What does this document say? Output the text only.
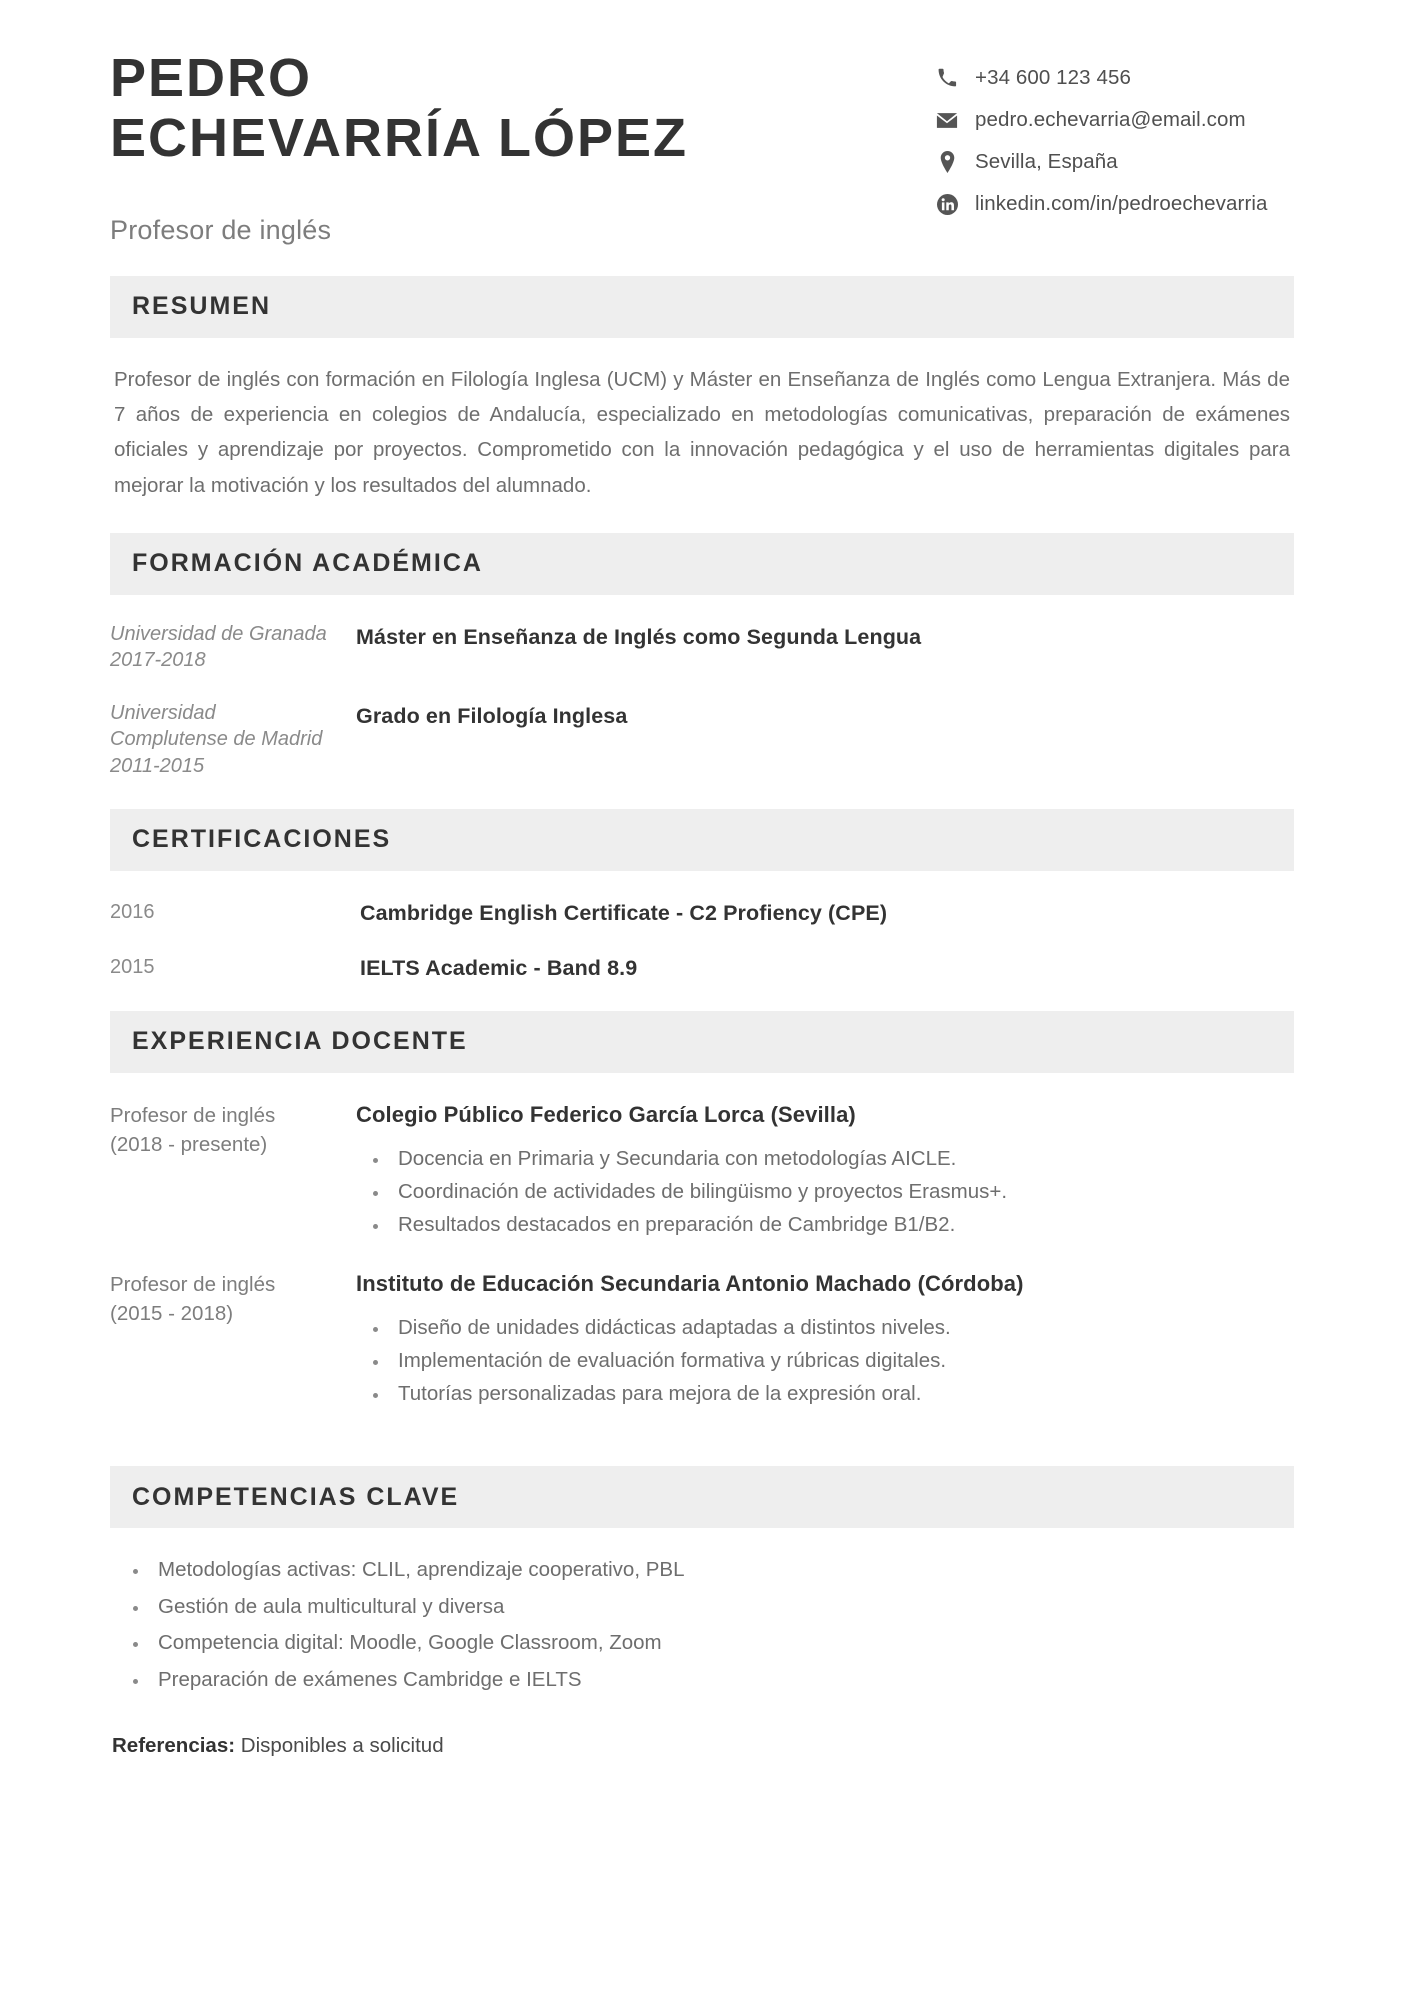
PEDRO
ECHEVARRÍA LÓPEZ
Profesor de inglés
+34 600 123 456
pedro.echevarria@email.com
Sevilla, España
linkedin.com/in/pedroechevarria
RESUMEN

Profesor de inglés con formación en Filología Inglesa (UCM) y Máster en Enseñanza de Inglés como Lengua Extranjera. Más de 7 años de experiencia en colegios de Andalucía, especializado en metodologías comunicativas, preparación de exámenes oficiales y aprendizaje por proyectos. Comprometido con la innovación pedagógica y el uso de herramientas digitales para mejorar la motivación y los resultados del alumnado.

FORMACIÓN ACADÉMICA
Universidad de Granada
2017-2018
Máster en Enseñanza de Inglés como Segunda Lengua
Universidad Complutense de Madrid
2011-2015
Grado en Filología Inglesa
CERTIFICACIONES
2016	Cambridge English Certificate - C2 Profiency (CPE)
2015	IELTS Academic - Band 8.9
EXPERIENCIA DOCENTE
Profesor de inglés
(2018 - presente)
Colegio Público Federico García Lorca (Sevilla)
• Docencia en Primaria y Secundaria con metodologías AICLE.
• Coordinación de actividades de bilingüismo y proyectos Erasmus+.
• Resultados destacados en preparación de Cambridge B1/B2.
Profesor de inglés
(2015 - 2018)
Instituto de Educación Secundaria Antonio Machado (Córdoba)
• Diseño de unidades didácticas adaptadas a distintos niveles.
• Implementación de evaluación formativa y rúbricas digitales.
• Tutorías personalizadas para mejora de la expresión oral.
COMPETENCIAS CLAVE
• Metodologías activas: CLIL, aprendizaje cooperativo, PBL
• Gestión de aula multicultural y diversa
• Competencia digital: Moodle, Google Classroom, Zoom
• Preparación de exámenes Cambridge e IELTS
Referencias: Disponibles a solicitud
